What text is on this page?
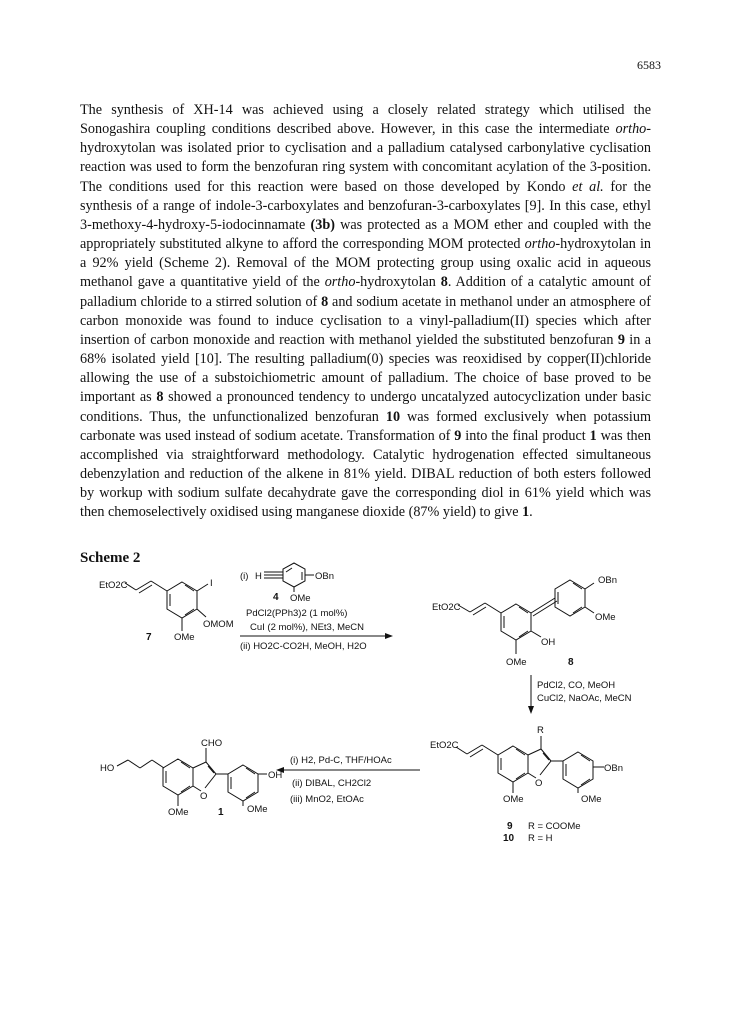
6583

The synthesis of XH-14 was achieved using a closely related strategy which utilised the Sonogashira coupling conditions described above. However, in this case the intermediate ortho-hydroxytolan was isolated prior to cyclisation and a palladium catalysed carbonylative cyclisation reaction was used to form the benzofuran ring system with concomitant acylation of the 3-position. The conditions used for this reaction were based on those developed by Kondo et al. for the synthesis of a range of indole-3-carboxylates and benzofuran-3-carboxylates [9]. In this case, ethyl 3-methoxy-4-hydroxy-5-iodocinnamate (3b) was protected as a MOM ether and coupled with the appropriately substituted alkyne to afford the corresponding MOM protected ortho-hydroxytolan in a 92% yield (Scheme 2). Removal of the MOM protecting group using oxalic acid in aqueous methanol gave a quantitative yield of the ortho-hydroxytolan 8. Addition of a catalytic amount of palladium chloride to a stirred solution of 8 and sodium acetate in methanol under an atmosphere of carbon monoxide was found to induce cyclisation to a vinyl-palladium(II) species which after insertion of carbon monoxide and reaction with methanol yielded the substituted benzofuran 9 in a 68% isolated yield [10]. The resulting palladium(0) species was reoxidised by copper(II)chloride allowing the use of a substoichiometric amount of palladium. The choice of base proved to be important as 8 showed a pronounced tendency to undergo uncatalyzed autocyclization under basic conditions. Thus, the unfunctionalized benzofuran 10 was formed exclusively when potassium carbonate was used instead of sodium acetate. Transformation of 9 into the final product 1 was then accomplished via straightforward methodology. Catalytic hydrogenation effected simultaneous debenzylation and reduction of the alkene in 81% yield. DIBAL reduction of both esters followed by workup with sodium sulfate decahydrate gave the corresponding diol in 61% yield which was then chemoselectively oxidised using manganese dioxide (87% yield) to give 1.

Scheme 2
EtO2C	I
OMOM
OMe
7
(i) H	OBn
OMe
4
PdCl2(PPh3)2 (1 mol%)
CuI (2 mol%), NEt3, MeCN
(ii) HO2C-CO2H, MeOH, H2O
OBn
OMe
EtO2C
OH
OMe	8
PdCl2, CO, MeOH
CuCl2, NaOAc, MeCN
R
EtO2C
OBn
O
OMe	OMe
9 R = COOMe
10 R = H
(i) H2, Pd-C, THF/HOAc
(ii) DIBAL, CH2Cl2
(iii) MnO2, EtOAc
CHO
HO
OH
O
OMe	1 OMe
